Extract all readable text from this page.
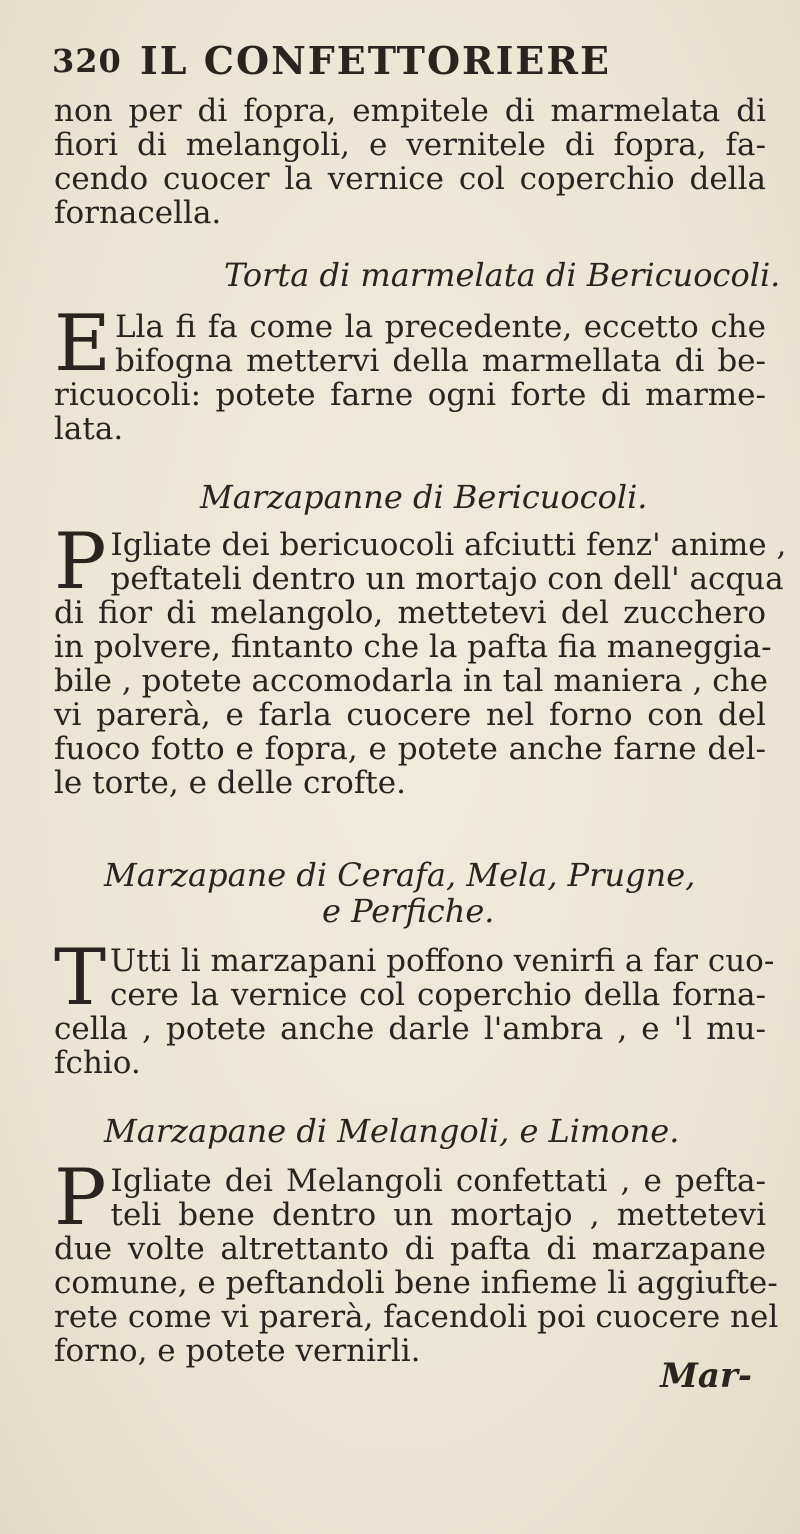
320 IL CONFETTORIERE
non per di fopra, empitele di marmelata di
fiori di melangoli, e vernitele di fopra, fa-
cendo cuocer la vernice col coperchio della
fornacella.
Torta di marmelata di Bericuocoli.
E Lla fi fa come la precedente, eccetto che
bifogna mettervi della marmellata di be-
ricuocoli: potete farne ogni forte di marme-
lata.
Marzapanne di Bericuocoli.
P Igliate dei bericuocoli afciutti fenz' anime ,
peftateli dentro un mortajo con dell' acqua
di fior di melangolo, mettetevi del zucchero
in polvere, fintanto che la pafta fia maneggia-
bile , potete accomodarla in tal maniera , che
vi parerà, e farla cuocere nel forno con del
fuoco fotto e fopra, e potete anche farne del-
le torte, e delle crofte.
Marzapane di Cerafa, Mela, Prugne,
e Perfiche.
T Utti li marzapani poffono venirfi a far cuo-
cere la vernice col coperchio della forna-
cella , potete anche darle l'ambra , e 'l mu-
fchio.
Marzapane di Melangoli, e Limone.
P Igliate dei Melangoli confettati , e pefta-
teli bene dentro un mortajo , mettetevi
due volte altrettanto di pafta di marzapane
comune, e peftandoli bene infieme li aggiufte-
rete come vi parerà, facendoli poi cuocere nel
forno, e potete vernirli.
Mar-
